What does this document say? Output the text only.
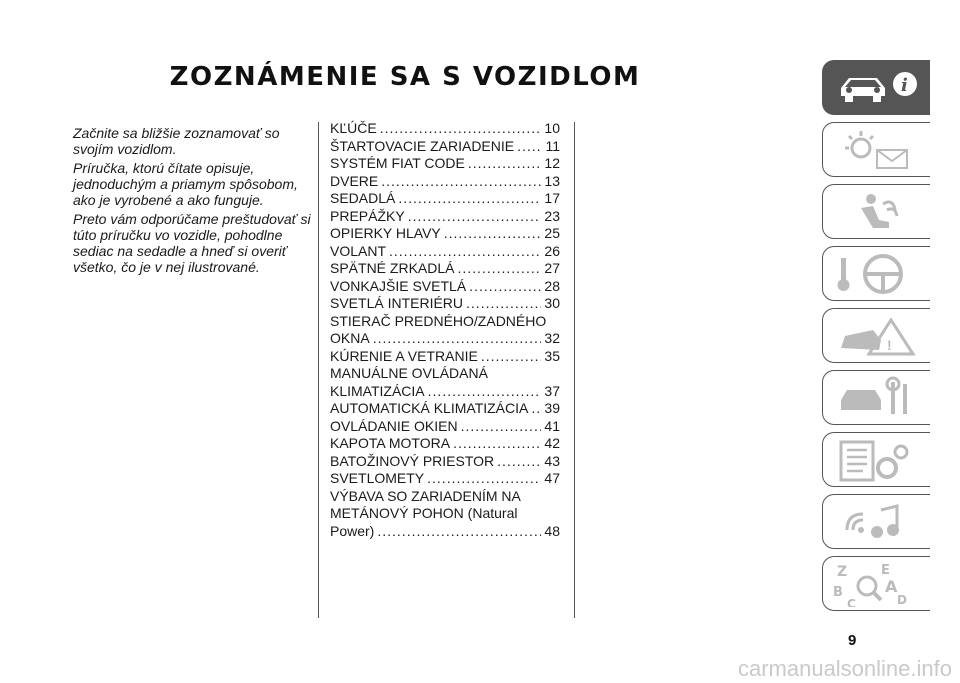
ZOZNÁMENIE SA S VOZIDLOM

Začnite sa bližšie zoznamovať so svojím vozidlom.

Príručka, ktorú čítate opisuje, jednoduchým a priamym spôsobom, ako je vyrobené a ako funguje.

Preto vám odporúčame preštudovať si túto príručku vo vozidle, pohodlne sediac na sedadle a hneď si overiť všetko, čo je v nej ilustrované.

KĽÚČE .....	10
ŠTARTOVACIE ZARIADENIE ..... 11
SYSTÉM FIAT CODE .....	12
DVERE .....	13
SEDADLÁ .....	17
PREPÁŽKY .....	23
OPIERKY HLAVY .....	25
VOLANT .....	26
SPÄTNÉ ZRKADLÁ .....	27
VONKAJŠIE SVETLÁ .....	28
SVETLÁ INTERIÉRU .....	30
STIERAČ PREDNÉHO/ZADNÉHO
OKNA .....	32
KÚRENIE A VETRANIE .....	35
MANUÁLNE OVLÁDANÁ
KLIMATIZÁCIA .....	37
AUTOMATICKÁ KLIMATIZÁCIA ..... 39
OVLÁDANIE OKIEN .....	41
KAPOTA MOTORA .....	42
BATOŽINOVÝ PRIESTOR .....	43
SVETLOMETY .....	47
VÝBAVA SO ZARIADENÍM NA METÁNOVÝ POHON (Natural
Power) .....	48
i
!
Z	E
B	A
C	D
9
carmanualsonline.info
